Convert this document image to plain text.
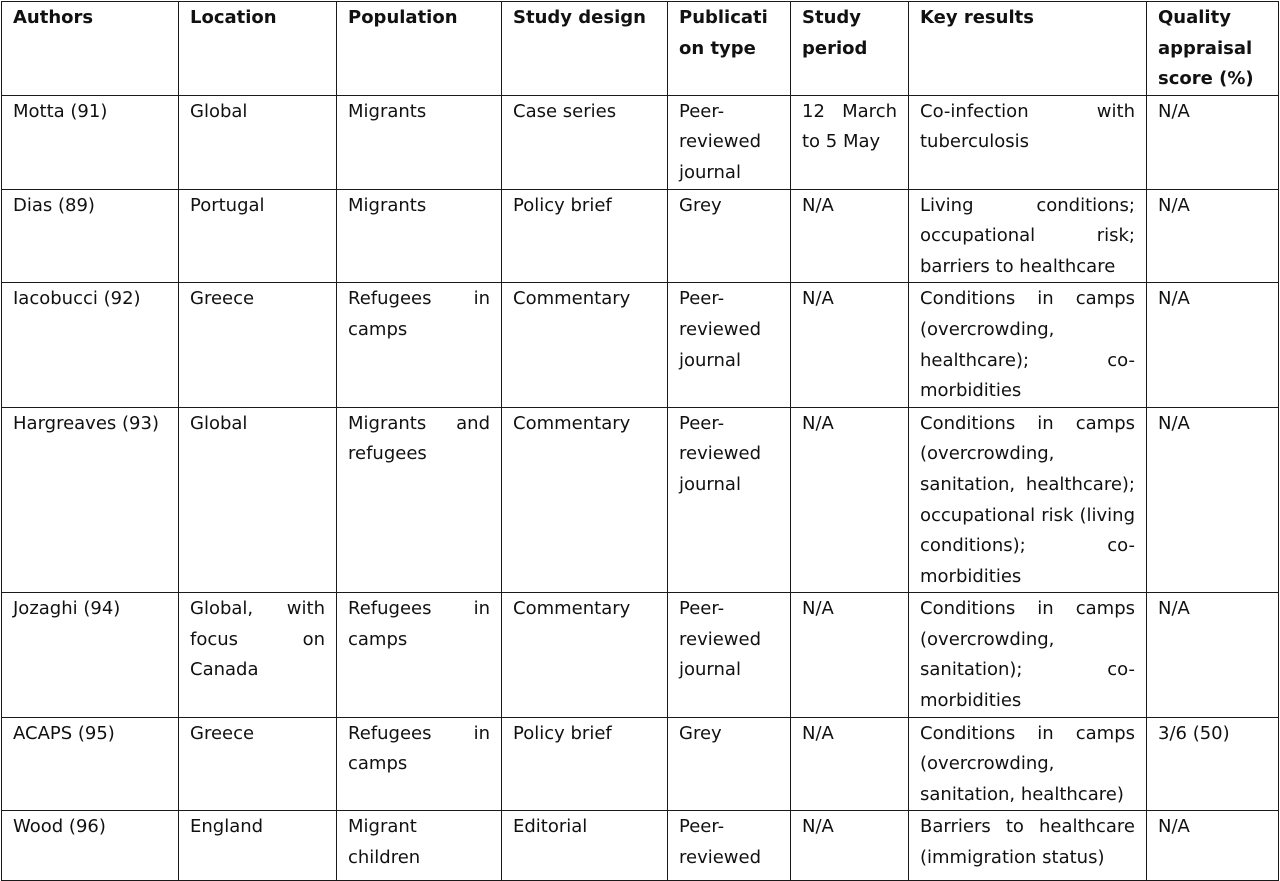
Authors	Location	Population	Study design	Publication type	Study period	Key results	Quality appraisal score (%)
Motta (91)	Global	Migrants	Case series	Peer-reviewed journal	12 March to 5 May	Co-infection with tuberculosis	N/A
Dias (89)	Portugal	Migrants	Policy brief	Grey	N/A	Living conditions; occupational risk; barriers to healthcare	N/A
Iacobucci (92)	Greece	Refugees in camps	Commentary	Peer-reviewed journal	N/A	Conditions in camps (overcrowding, healthcare); co-morbidities	N/A
Hargreaves (93)	Global	Migrants and refugees	Commentary	Peer-reviewed journal	N/A	Conditions in camps (overcrowding, sanitation, healthcare); occupational risk (living conditions); co-morbidities	N/A
Jozaghi (94)	Global, with focus on Canada	Refugees in camps	Commentary	Peer-reviewed journal	N/A	Conditions in camps (overcrowding, sanitation); co-morbidities	N/A
ACAPS (95)	Greece	Refugees in camps	Policy brief	Grey	N/A	Conditions in camps (overcrowding, sanitation, healthcare)	3/6 (50)
Wood (96)	England	Migrant children	Editorial	Peer-reviewed	N/A	Barriers to healthcare (immigration status)	N/A
